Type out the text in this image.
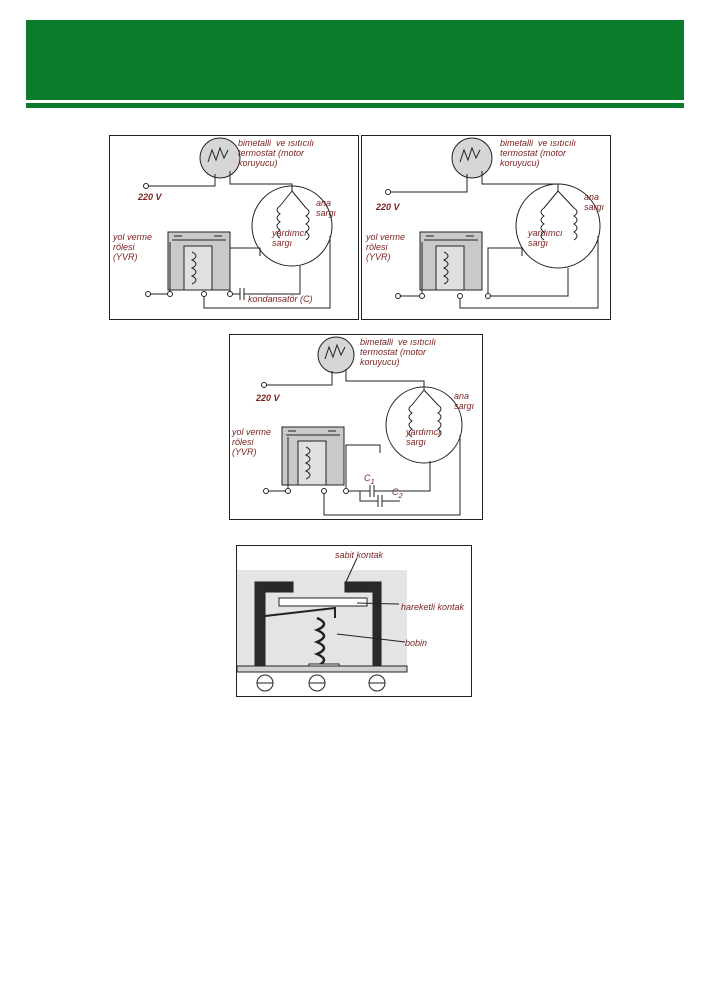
bimetalli  ve ısıtıcılı
termostat (motor
koruyucu)
220 V
ana
sargı
yardımcı
sargı
yol verme
rölesi
(YVR)
kondansatör (C)
bimetalli  ve ısıtıcılı
termostat (motor
koruyucu)
220 V
ana
sargı
yardımcı
sargı
yol verme
rölesi
(YVR)
bimetalli  ve ısıtıcılı
termostat (motor
koruyucu)
220 V	ana
sargı
yardımcı
sargı
yol verme
rölesi
(YVR)
$C_1$
$C_2$
sabit kontak
hareketli kontak
bobin
